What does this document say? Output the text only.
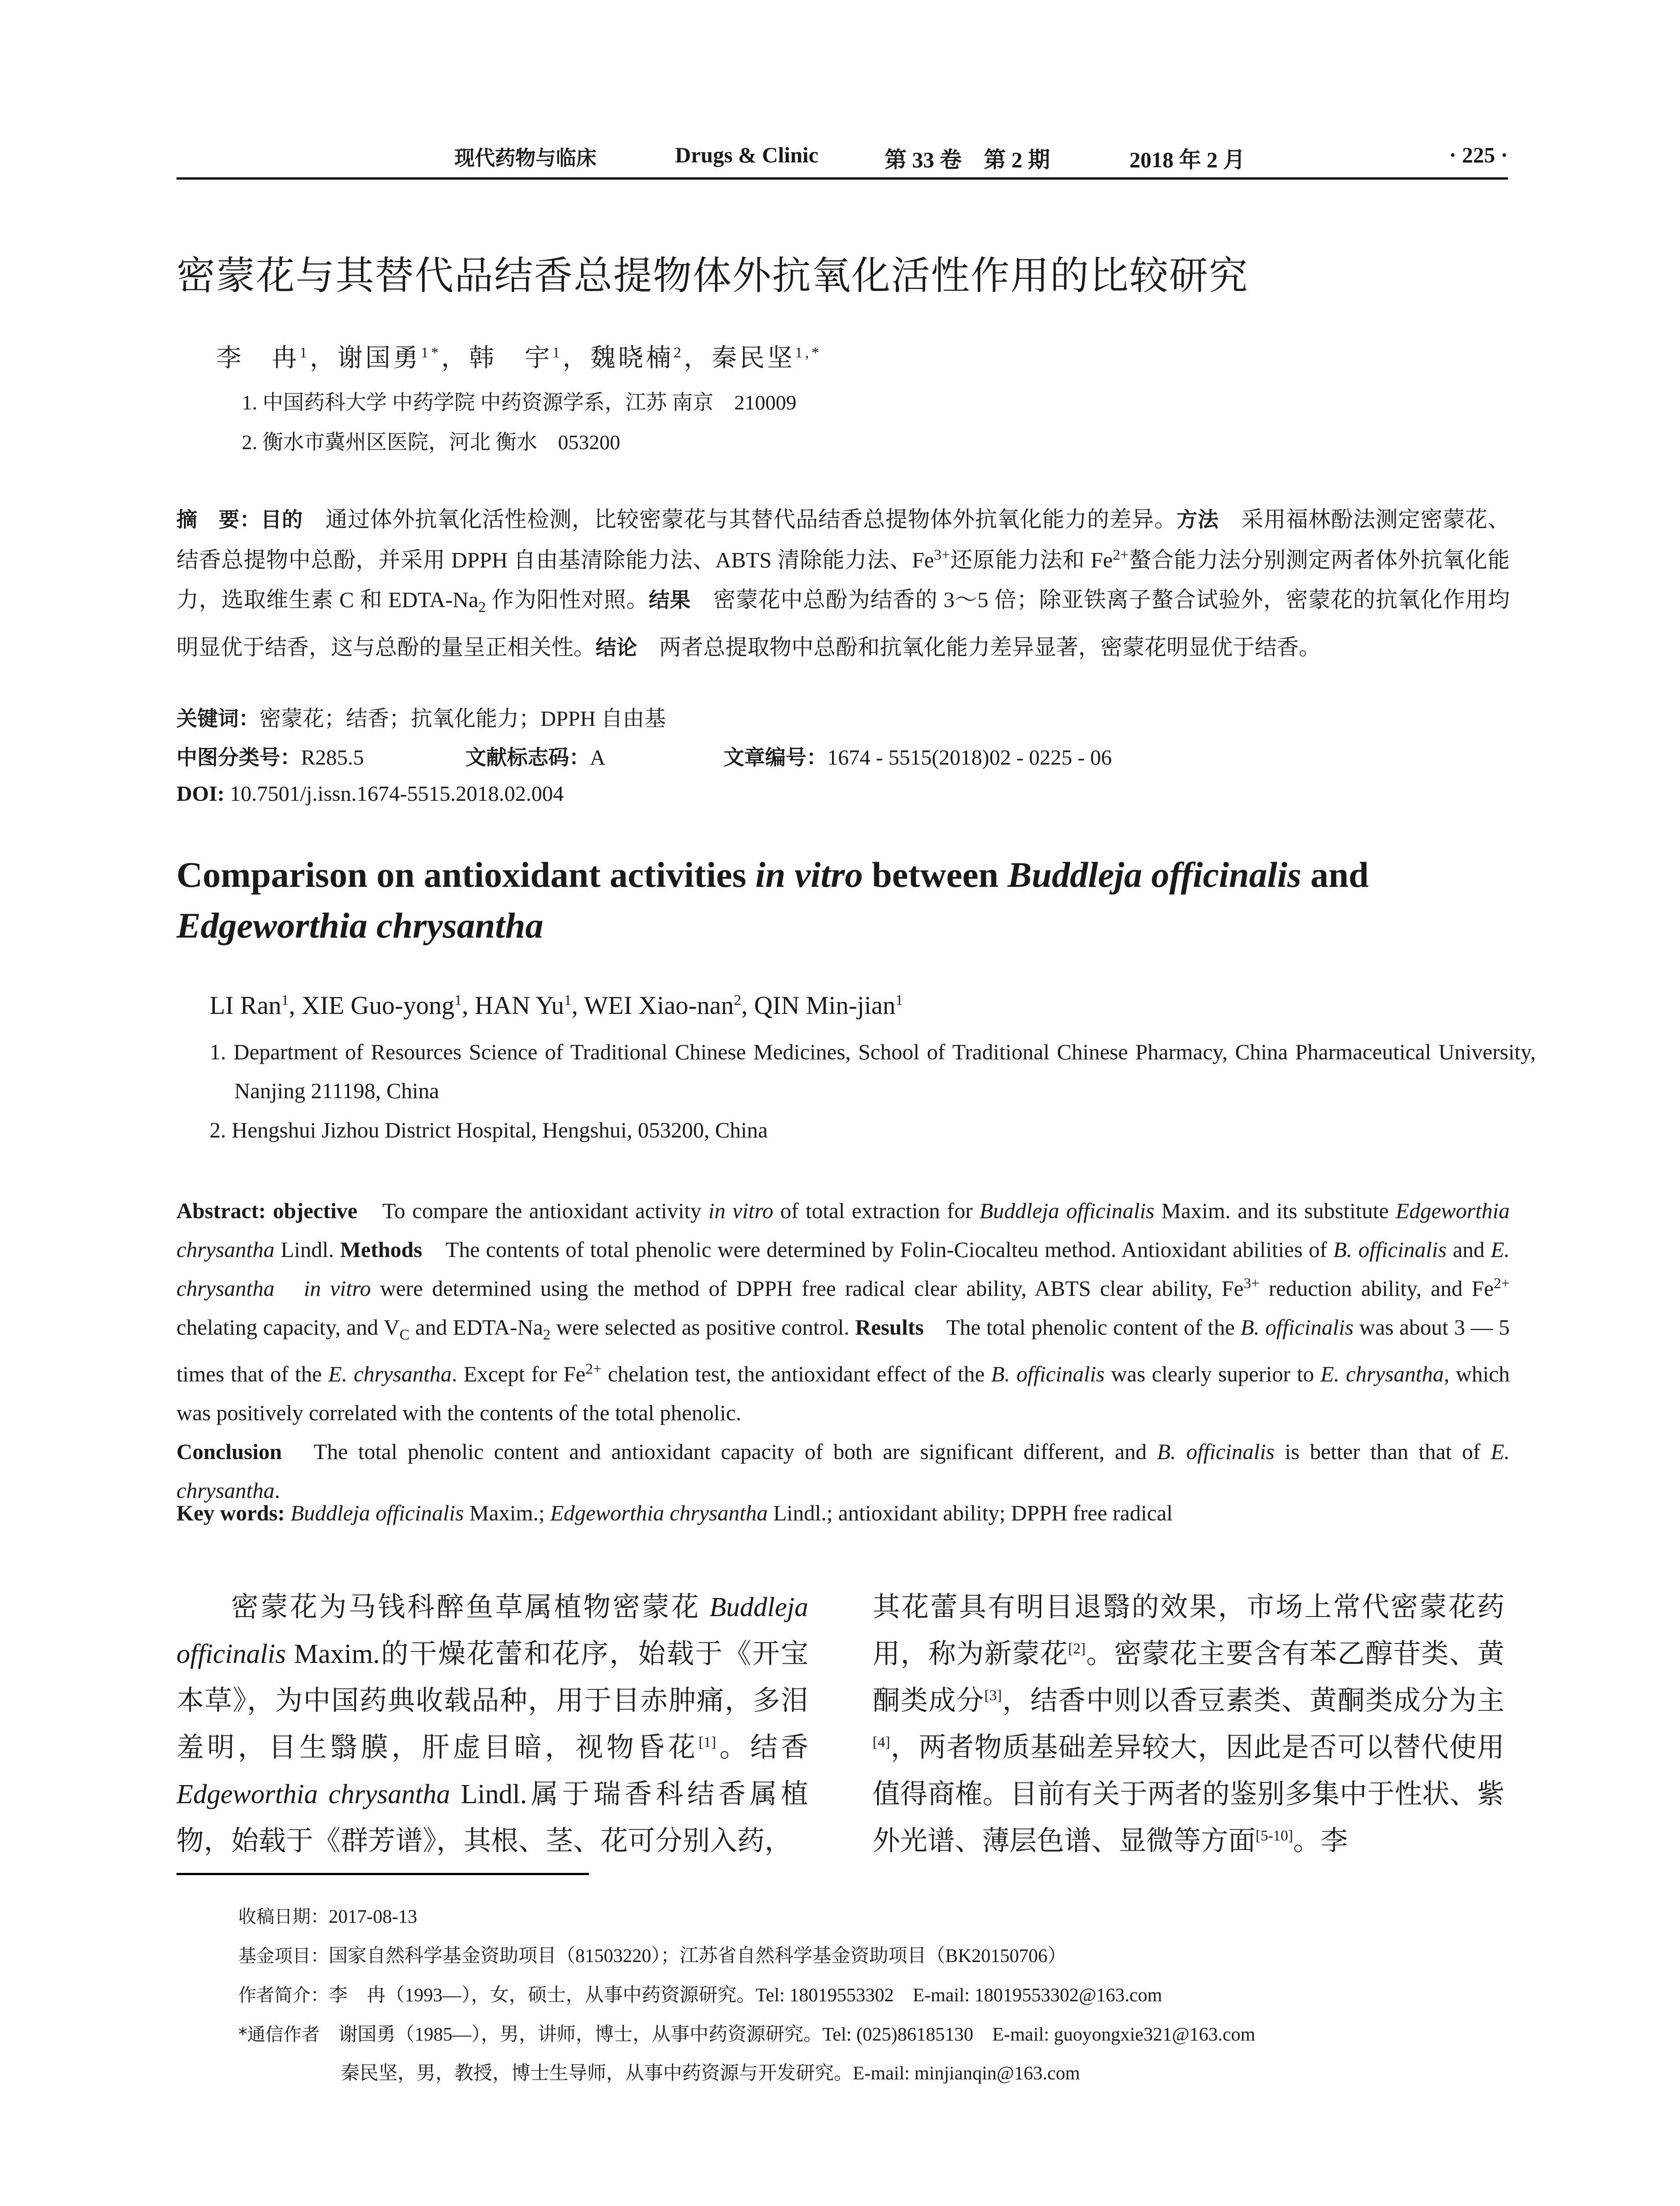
现代药物与临床	Drugs & Clinic	第 33 卷　第 2 期	2018 年 2 月	· 225 ·
密蒙花与其替代品结香总提物体外抗氧化活性作用的比较研究
李　冉$^1$，谢国勇$^{1*}$，韩　宇$^1$，魏晓楠$^2$，秦民坚$^{1,*}$
1. 中国药科大学 中药学院 中药资源学系，江苏 南京　210009
2. 衡水市冀州区医院，河北 衡水　053200
摘　要：目的　 通过体外抗氧化活性检测，比较密蒙花与其替代品结香总提物体外抗氧化能力的差异。方法　 采用福林酚法测定密蒙花、结香总提物中总酚，并采用 DPPH 自由基清除能力法、ABTS 清除能力法、$Fe^{3+}$还原能力法和 $Fe^{2+}$螯合能力法分别测定两者体外抗氧化能力，选取维生素 C 和 EDTA-$Na_2$ 作为阳性对照。结果　 密蒙花中总酚为结香的 3～5 倍；除亚铁离子螯合试验外，密蒙花的抗氧化作用均明显优于结香，这与总酚的量呈正相关性。结论　 两者总提取物中总酚和抗氧化能力差异显著，密蒙花明显优于结香。
关键词：密蒙花；结香；抗氧化能力；DPPH 自由基
中图分类号：R285.5	文献标志码：A	文章编号：1674 - 5515(2018)02 - 0225 - 06
DOI: 10.7501/j.issn.1674-5515.2018.02.004
Comparison on antioxidant activities in vitro between Buddleja officinalis and
Edgeworthia chrysantha
LI Ran$^1$, XIE Guo-yong$^1$, HAN Yu$^1$, WEI Xiao-nan$^2$, QIN Min-jian$^1$
1. Department of Resources Science of Traditional Chinese Medicines, School of Traditional Chinese Pharmacy, China Pharmaceutical University, Nanjing 211198, China
2. Hengshui Jizhou District Hospital, Hengshui, 053200, China
Abstract: objective　 To compare the antioxidant activity in vitro of total extraction for Buddleja officinalis Maxim. and its substitute Edgeworthia chrysantha Lindl. Methods　 The contents of total phenolic were determined by Folin-Ciocalteu method. Antioxidant abilities of B. officinalis and E. chrysantha　 in vitro were determined using the method of DPPH free radical clear ability, ABTS clear ability, $Fe^{3+}$ reduction ability, and $Fe^{2+}$ chelating capacity, and $V_C$ and EDTA-$Na_2$ were selected as positive control. Results　 The total phenolic content of the B. officinalis was about 3 — 5 times that of the E. chrysantha. Except for $Fe^{2+}$ chelation test, the antioxidant effect of the B. officinalis was clearly superior to E. chrysantha, which was positively correlated with the contents of the total phenolic.
Conclusion　 The total phenolic content and antioxidant capacity of both are significant different, and B. officinalis is better than that of E. chrysantha.
Key words: Buddleja officinalis Maxim.; Edgeworthia chrysantha Lindl.; antioxidant ability; DPPH free radical

密蒙花为马钱科醉鱼草属植物密蒙花 Buddleja officinalis Maxim.的干燥花蕾和花序，始载于《开宝本草》，为中国药典收载品种，用于目赤肿痛，多泪羞明，目生翳膜，肝虚目暗，视物昏花[1]。结香 Edgeworthia chrysantha Lindl.属于瑞香科结香属植物，始载于《群芳谱》，其根、茎、花可分别入药，

其花蕾具有明目退翳的效果，市场上常代密蒙花药用，称为新蒙花[2]。密蒙花主要含有苯乙醇苷类、黄酮类成分[3]，结香中则以香豆素类、黄酮类成分为主[4]，两者物质基础差异较大，因此是否可以替代使用值得商榷。目前有关于两者的鉴别多集中于性状、紫外光谱、薄层色谱、显微等方面[5-10]。李

收稿日期：2017-08-13
基金项目：国家自然科学基金资助项目（81503220）；江苏省自然科学基金资助项目（BK20150706）
作者简介：李　冉（1993—），女，硕士，从事中药资源研究。Tel: 18019553302　E-mail: 18019553302@163.com
*通信作者　 谢国勇（1985—），男，讲师，博士，从事中药资源研究。Tel: (025)86185130　E-mail: guoyongxie321@163.com
秦民坚，男，教授，博士生导师，从事中药资源与开发研究。E-mail: minjianqin@163.com
